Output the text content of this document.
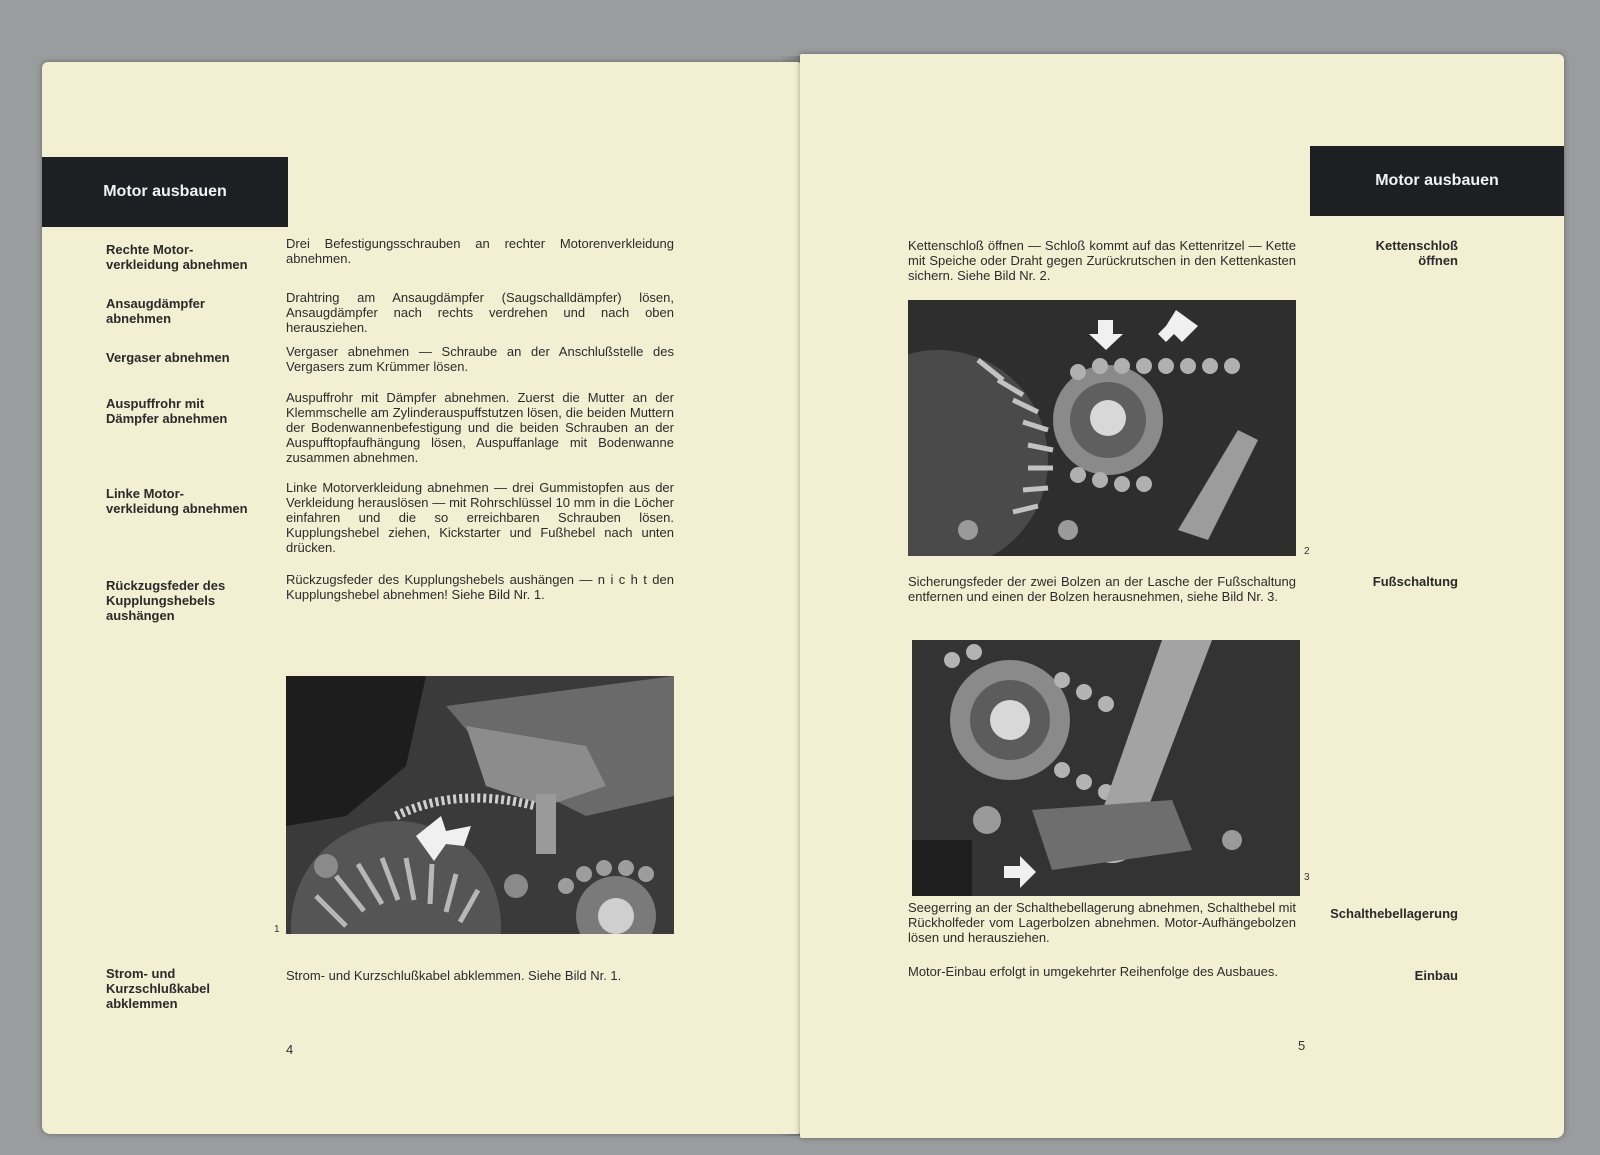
Motor ausbauen
Rechte Motor-
verkleidung abnehmen
Drei Befestigungsschrauben an rechter Motorenverkleidung abnehmen.
Ansaugdämpfer
abnehmen
Drahtring am Ansaugdämpfer (Saugschalldämpfer) lösen, Ansaugdämpfer nach rechts verdrehen und nach oben herausziehen.
Vergaser abnehmen	Vergaser abnehmen — Schraube an der Anschlußstelle des Vergasers zum Krümmer lösen.
Auspuffrohr mit
Dämpfer abnehmen
Auspuffrohr mit Dämpfer abnehmen. Zuerst die Mutter an der Klemmschelle am Zylinderauspuffstutzen lösen, die beiden Muttern der Bodenwannenbefestigung und die beiden Schrauben an der Auspufftopfaufhängung lösen, Auspuffanlage mit Bodenwanne zusammen abnehmen.
Linke Motor-
verkleidung abnehmen
Linke Motorverkleidung abnehmen — drei Gummistopfen aus der Verkleidung herauslösen — mit Rohrschlüssel 10 mm in die Löcher einfahren und die so erreichbaren Schrauben lösen. Kupplungshebel ziehen, Kickstarter und Fußhebel nach unten drücken.
Rückzugsfeder des
Kupplungshebels
aushängen
Rückzugsfeder des Kupplungshebels aushängen — n i c h t den Kupplungshebel abnehmen! Siehe Bild Nr. 1.
1
Strom- und
Kurzschlußkabel
abklemmen
Strom- und Kurzschlußkabel abklemmen. Siehe Bild Nr. 1.
4
Motor ausbauen
Kettenschloß öffnen — Schloß kommt auf das Kettenritzel — Kette mit Speiche oder Draht gegen Zurückrutschen in den Kettenkasten sichern. Siehe Bild Nr. 2.
Kettenschloß
öffnen
2
Sicherungsfeder der zwei Bolzen an der Lasche der Fußschaltung entfernen und einen der Bolzen herausnehmen, siehe Bild Nr. 3.
Fußschaltung
3
Seegerring an der Schalthebellagerung abnehmen, Schalthebel mit Rückholfeder vom Lagerbolzen abnehmen. Motor-Aufhängebolzen lösen und herausziehen.
Schalthebellagerung
Motor-Einbau erfolgt in umgekehrter Reihenfolge des Ausbaues.	Einbau
5
